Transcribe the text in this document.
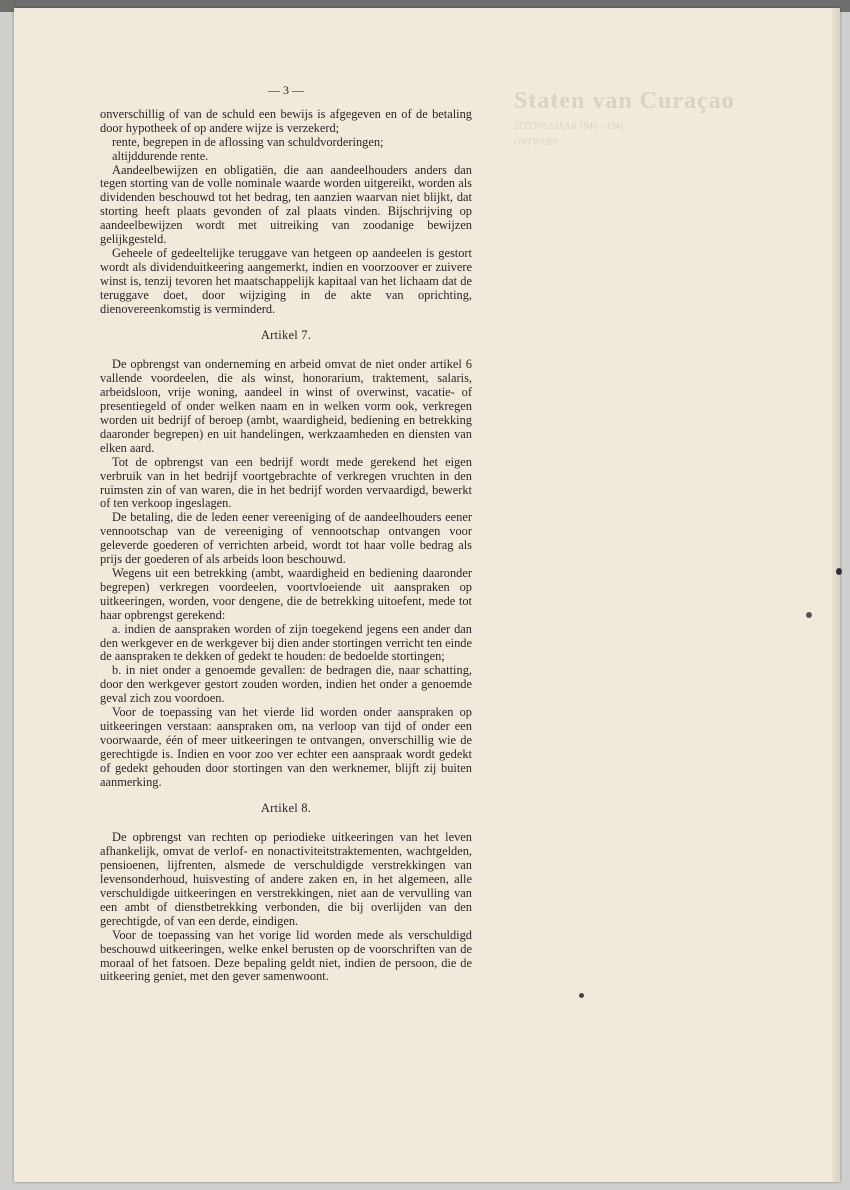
Staten van Curaçao
ZITTINGSJAAR 1940—1941
ONTWERP
— 3 —

onverschillig of van de schuld een bewijs is afgegeven en of de betaling door hypotheek of op andere wijze is verzekerd;

rente, begrepen in de aflossing van schuldvorderingen;

altijddurende rente.

Aandeelbewijzen en obligatiën, die aan aandeelhouders anders dan tegen storting van de volle nominale waarde worden uitgereikt, worden als dividenden beschouwd tot het bedrag, ten aanzien waarvan niet blijkt, dat storting heeft plaats gevonden of zal plaats vinden. Bijschrijving op aandeelbewijzen wordt met uitreiking van zoodanige bewijzen gelijkgesteld.

Geheele of gedeeltelijke teruggave van hetgeen op aandeelen is gestort wordt als dividenduitkeering aangemerkt, indien en voorzoover er zuivere winst is, tenzij tevoren het maatschappelijk kapitaal van het lichaam dat de teruggave doet, door wijziging in de akte van oprichting, dienovereenkomstig is verminderd.

Artikel 7.

De opbrengst van onderneming en arbeid omvat de niet onder artikel 6 vallende voordeelen, die als winst, honorarium, traktement, salaris, arbeidsloon, vrije woning, aandeel in winst of overwinst, vacatie- of presentiegeld of onder welken naam en in welken vorm ook, verkregen worden uit bedrijf of beroep (ambt, waardigheid, bediening en betrekking daaronder begrepen) en uit handelingen, werkzaamheden en diensten van elken aard.

Tot de opbrengst van een bedrijf wordt mede gerekend het eigen verbruik van in het bedrijf voortgebrachte of verkregen vruchten in den ruimsten zin of van waren, die in het bedrijf worden vervaardigd, bewerkt of ten verkoop ingeslagen.

De betaling, die de leden eener vereeniging of de aandeelhouders eener vennootschap van de vereeniging of vennootschap ontvangen voor geleverde goederen of verrichten arbeid, wordt tot haar volle bedrag als prijs der goederen of als arbeids loon beschouwd.

Wegens uit een betrekking (ambt, waardigheid en bediening daaronder begrepen) verkregen voordeelen, voortvloeiende uit aanspraken op uitkeeringen, worden, voor dengene, die de betrekking uitoefent, mede tot haar opbrengst gerekend:

a. indien de aanspraken worden of zijn toegekend jegens een ander dan den werkgever en de werkgever bij dien ander stortingen verricht ten einde de aanspraken te dekken of gedekt te houden: de bedoelde stortingen;

b. in niet onder a genoemde gevallen: de bedragen die, naar schatting, door den werkgever gestort zouden worden, indien het onder a genoemde geval zich zou voordoen.

Voor de toepassing van het vierde lid worden onder aanspraken op uitkeeringen verstaan: aanspraken om, na verloop van tijd of onder een voorwaarde, één of meer uitkeeringen te ontvangen, onverschillig wie de gerechtigde is. Indien en voor zoo ver echter een aanspraak wordt gedekt of gedekt gehouden door stortingen van den werknemer, blijft zij buiten aanmerking.

Artikel 8.

De opbrengst van rechten op periodieke uitkeeringen van het leven afhankelijk, omvat de verlof- en nonactiviteitstraktementen, wachtgelden, pensioenen, lijfrenten, alsmede de verschuldigde verstrekkingen van levensonderhoud, huisvesting of andere zaken en, in het algemeen, alle verschuldigde uitkeeringen en verstrekkingen, niet aan de vervulling van een ambt of dienstbetrekking verbonden, die bij overlijden van den gerechtigde, of van een derde, eindigen.

Voor de toepassing van het vorige lid worden mede als verschuldigd beschouwd uitkeeringen, welke enkel berusten op de voorschriften van de moraal of het fatsoen. Deze bepaling geldt niet, indien de persoon, die de uitkeering geniet, met den gever samenwoont.
